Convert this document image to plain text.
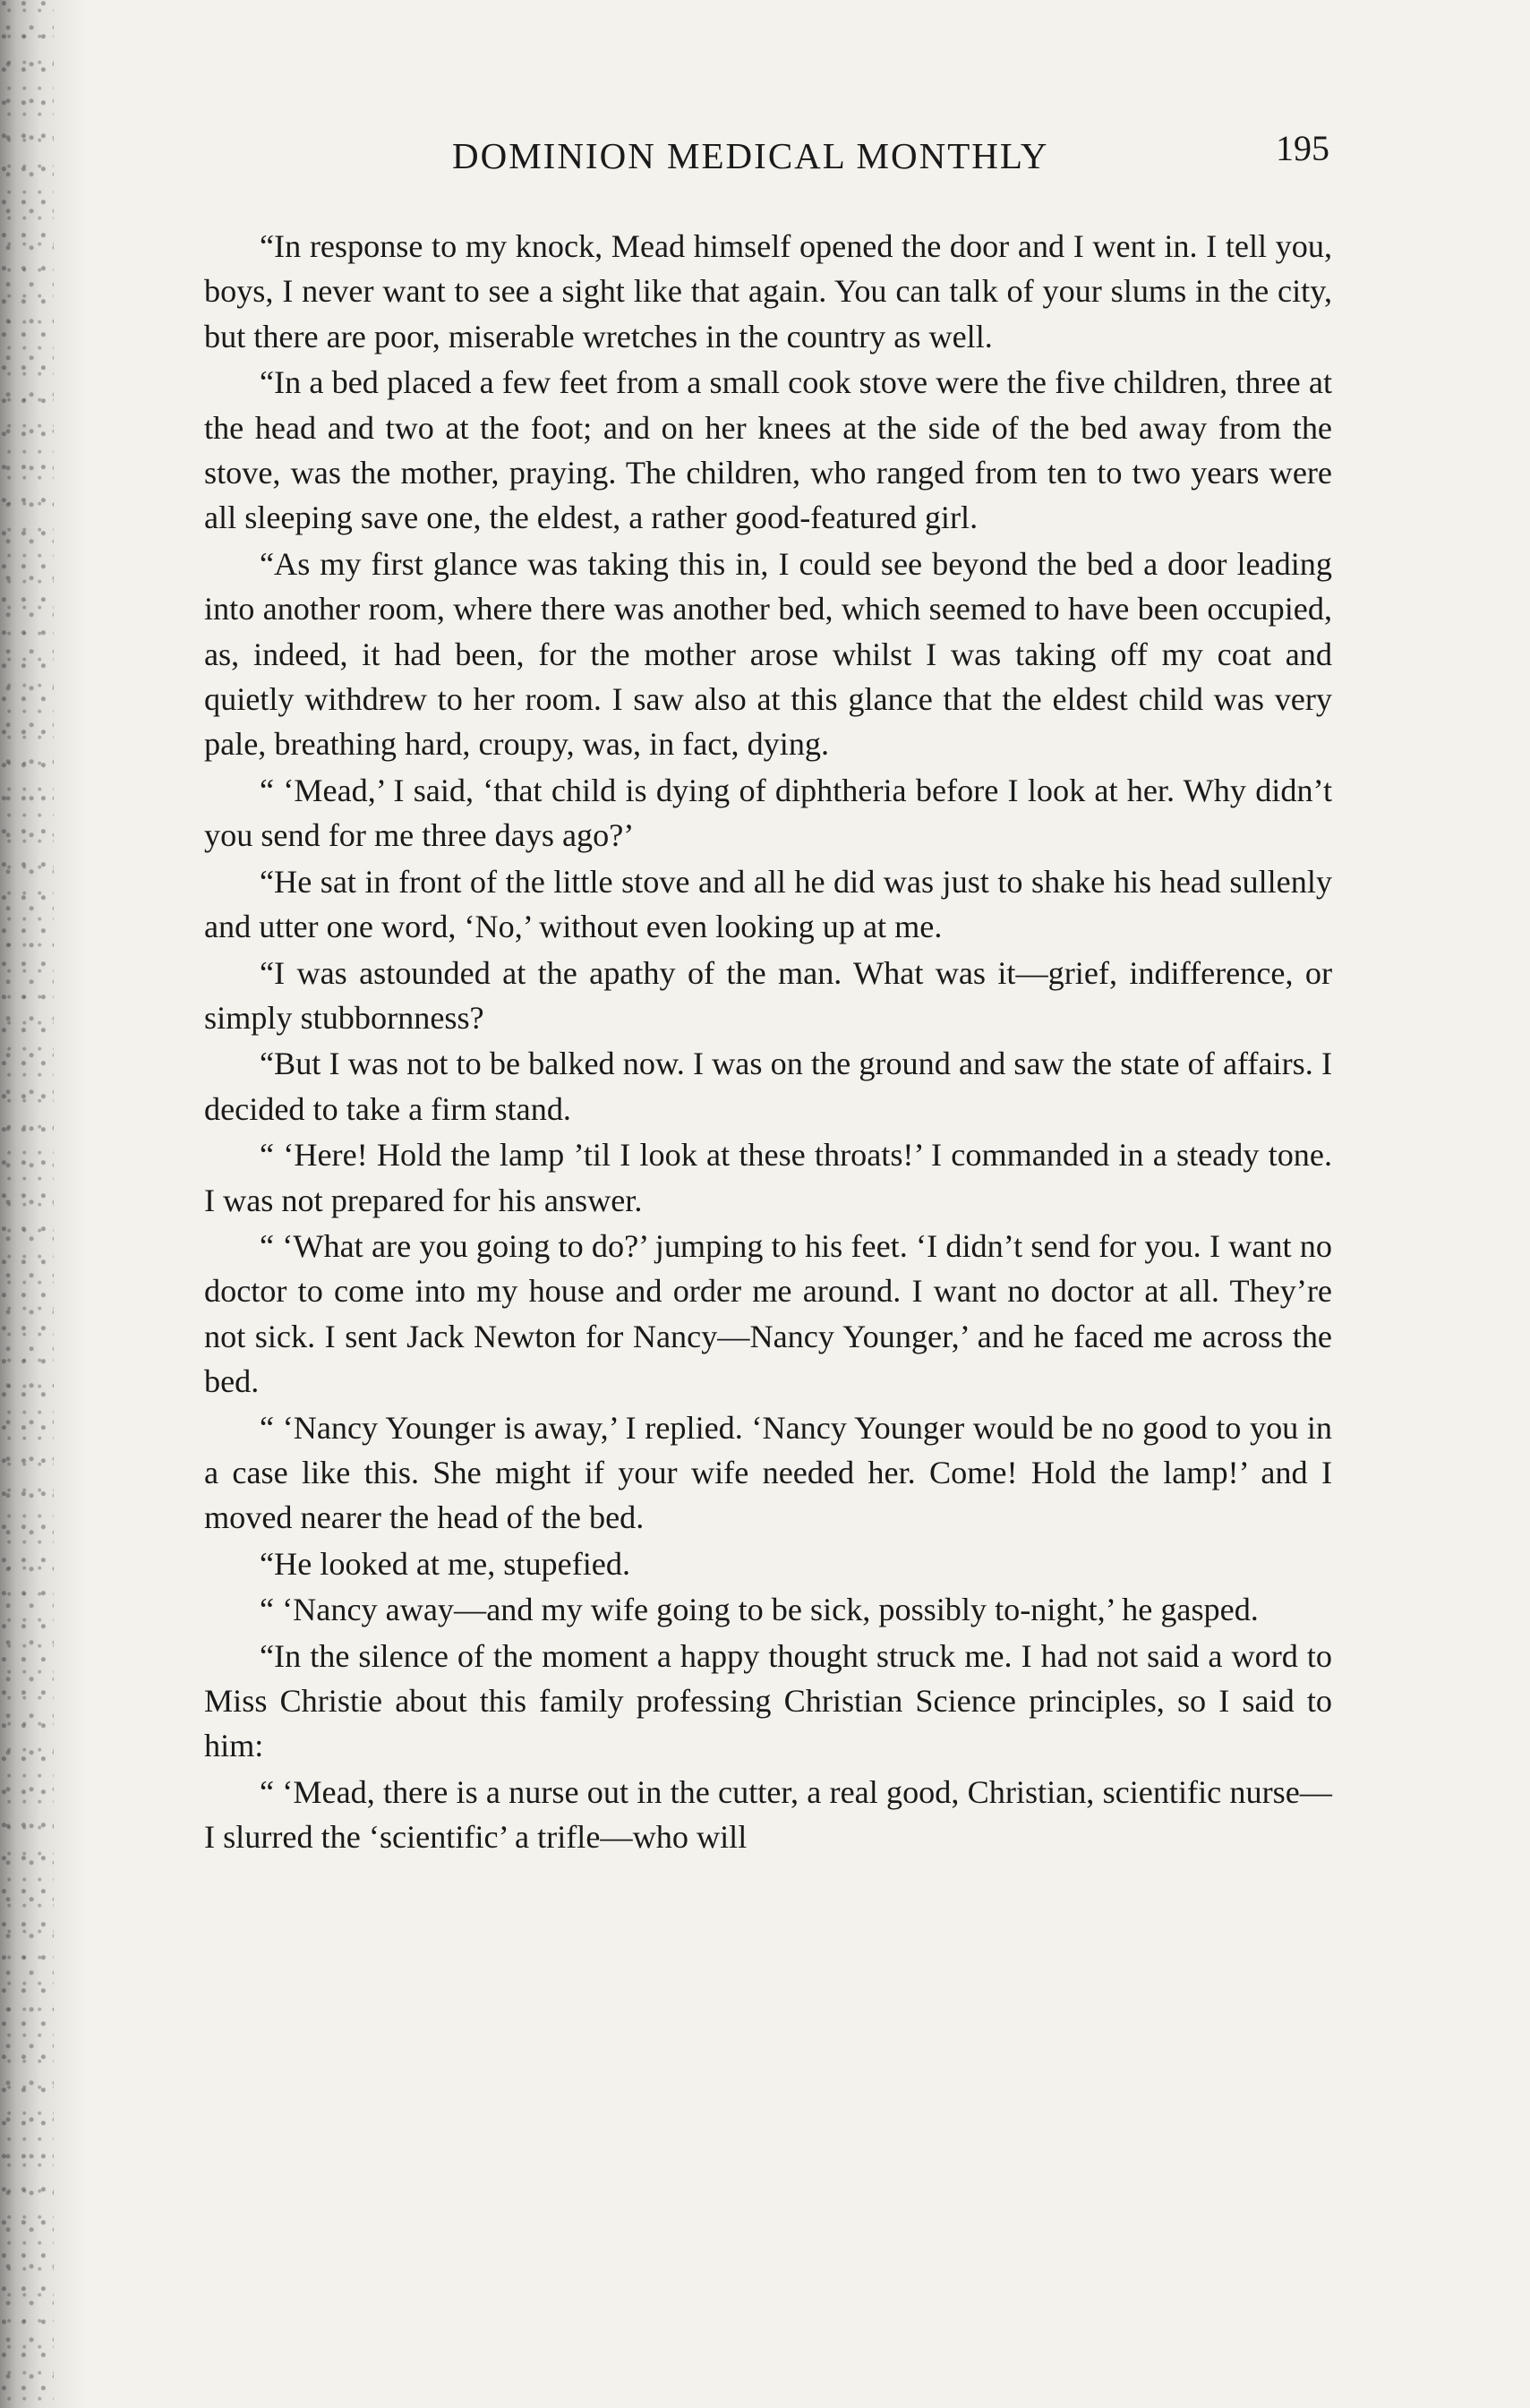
DOMINION MEDICAL MONTHLY	195

“In response to my knock, Mead himself opened the door and I went in. I tell you, boys, I never want to see a sight like that again. You can talk of your slums in the city, but there are poor, miserable wretches in the country as well.

“In a bed placed a few feet from a small cook stove were the five children, three at the head and two at the foot; and on her knees at the side of the bed away from the stove, was the mother, praying. The children, who ranged from ten to two years were all sleeping save one, the eldest, a rather good-featured girl.

“As my first glance was taking this in, I could see beyond the bed a door leading into another room, where there was another bed, which seemed to have been occupied, as, indeed, it had been, for the mother arose whilst I was taking off my coat and quietly withdrew to her room. I saw also at this glance that the eldest child was very pale, breathing hard, croupy, was, in fact, dying.

“ ‘Mead,’ I said, ‘that child is dying of diphtheria before I look at her. Why didn’t you send for me three days ago?’

“He sat in front of the little stove and all he did was just to shake his head sullenly and utter one word, ‘No,’ without even looking up at me.

“I was astounded at the apathy of the man. What was it—grief, indifference, or simply stubbornness?

“But I was not to be balked now. I was on the ground and saw the state of affairs. I decided to take a firm stand.

“ ‘Here! Hold the lamp ’til I look at these throats!’ I commanded in a steady tone. I was not prepared for his answer.

“ ‘What are you going to do?’ jumping to his feet. ‘I didn’t send for you. I want no doctor to come into my house and order me around. I want no doctor at all. They’re not sick. I sent Jack Newton for Nancy—Nancy Younger,’ and he faced me across the bed.

“ ‘Nancy Younger is away,’ I replied. ‘Nancy Younger would be no good to you in a case like this. She might if your wife needed her. Come! Hold the lamp!’ and I moved nearer the head of the bed.

“He looked at me, stupefied.

“ ‘Nancy away—and my wife going to be sick, possibly to-night,’ he gasped.

“In the silence of the moment a happy thought struck me. I had not said a word to Miss Christie about this family professing Christian Science principles, so I said to him:

“ ‘Mead, there is a nurse out in the cutter, a real good, Christian, scientific nurse—I slurred the ‘scientific’ a trifle—who will
